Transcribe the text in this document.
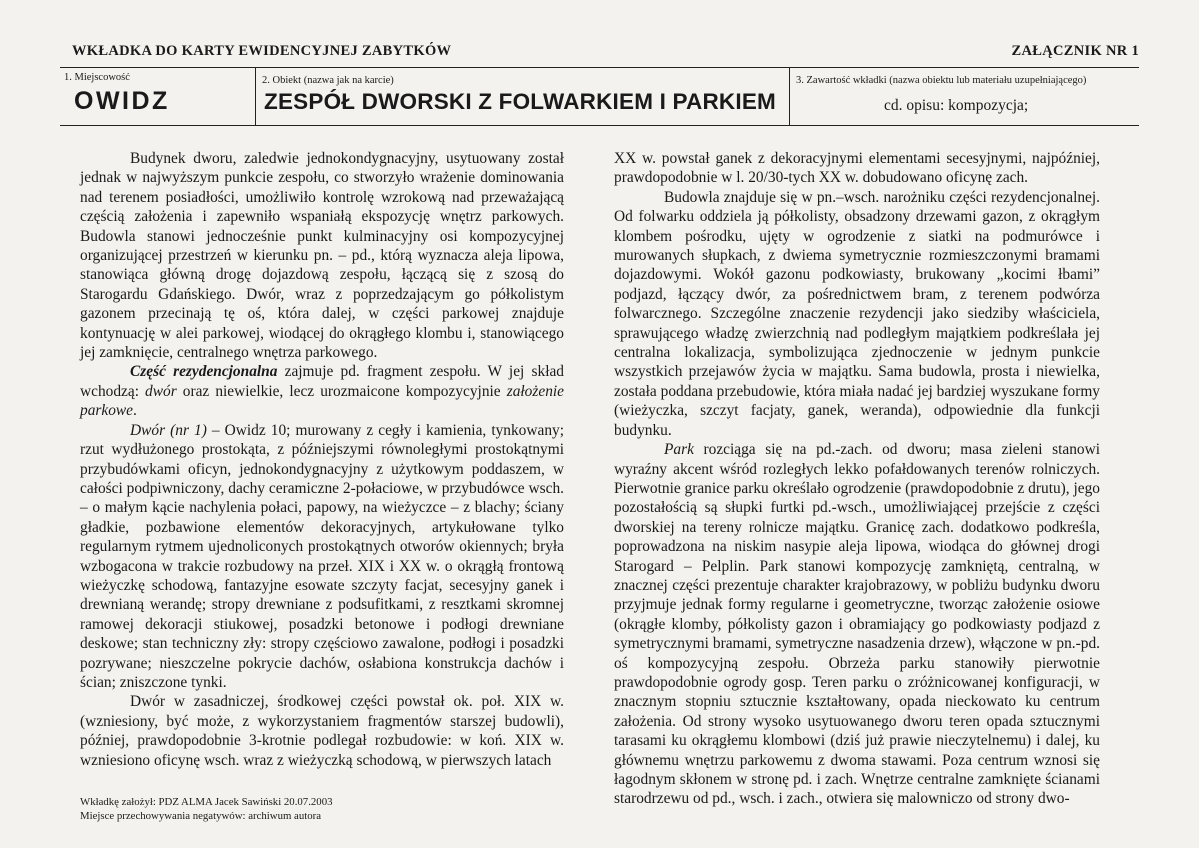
WKŁADKA DO KARTY EWIDENCYJNEJ ZABYTKÓW	ZAŁĄCZNIK NR 1
1. Miejscowość
OWIDZ
2. Obiekt (nazwa jak na karcie)
ZESPÓŁ DWORSKI Z FOLWARKIEM I PARKIEM
3. Zawartość wkładki (nazwa obiektu lub materiału uzupełniającego)
cd. opisu: kompozycja;

Budynek dworu, zaledwie jednokondygnacyjny, usytuowany został jednak w najwyższym punkcie zespołu, co stworzyło wrażenie dominowania nad terenem posiadłości, umożliwiło kontrolę wzrokową nad przeważającą częścią założenia i zapewniło wspaniałą ekspozycję wnętrz parkowych. Budowla stanowi jednocześnie punkt kulminacyjny osi kompozycyjnej organizującej przestrzeń w kierunku pn. – pd., którą wyznacza aleja lipowa, stanowiąca główną drogę dojazdową zespołu, łączącą się z szosą do Starogardu Gdańskiego. Dwór, wraz z poprzedzającym go półkolistym gazonem przecinają tę oś, która dalej, w części parkowej znajduje kontynuację w alei parkowej, wiodącej do okrągłego klombu i, stanowiącego jej zamknięcie, centralnego wnętrza parkowego.

Część rezydencjonalna zajmuje pd. fragment zespołu. W jej skład wchodzą: dwór oraz niewielkie, lecz urozmaicone kompozycyjnie założenie parkowe.

Dwór (nr 1) – Owidz 10; murowany z cegły i kamienia, tynkowany; rzut wydłużonego prostokąta, z późniejszymi równoległymi prostokątnymi przybudówkami oficyn, jednokondygnacyjny z użytkowym poddaszem, w całości podpiwniczony, dachy ceramiczne 2-połaciowe, w przybudówce wsch. – o małym kącie nachylenia połaci, papowy, na wieżyczce – z blachy; ściany gładkie, pozbawione elementów dekoracyjnych, artykułowane tylko regularnym rytmem ujednoliconych prostokątnych otworów okiennych; bryła wzbogacona w trakcie rozbudowy na przeł. XIX i XX w. o okrągłą frontową wieżyczkę schodową, fantazyjne esowate szczyty facjat, secesyjny ganek i drewnianą werandę; stropy drewniane z podsufitkami, z resztkami skromnej ramowej dekoracji stiukowej, posadzki betonowe i podłogi drewniane deskowe; stan techniczny zły: stropy częściowo zawalone, podłogi i posadzki pozrywane; nieszczelne pokrycie dachów, osłabiona konstrukcja dachów i ścian; zniszczone tynki.

Dwór w zasadniczej, środkowej części powstał ok. poł. XIX w. (wzniesiony, być może, z wykorzystaniem fragmentów starszej budowli), później, prawdopodobnie 3-krotnie podlegał rozbudowie: w koń. XIX w. wzniesiono oficynę wsch. wraz z wieżyczką schodową, w pierwszych latach

XX w. powstał ganek z dekoracyjnymi elementami secesyjnymi, najpóźniej, prawdopodobnie w l. 20/30-tych XX w. dobudowano oficynę zach.

Budowla znajduje się w pn.–wsch. narożniku części rezydencjonalnej. Od folwarku oddziela ją półkolisty, obsadzony drzewami gazon, z okrągłym klombem pośrodku, ujęty w ogrodzenie z siatki na podmurówce i murowanych słupkach, z dwiema symetrycznie rozmieszczonymi bramami dojazdowymi. Wokół gazonu podkowiasty, brukowany „kocimi łbami” podjazd, łączący dwór, za pośrednictwem bram, z terenem podwórza folwarcznego. Szczególne znaczenie rezydencji jako siedziby właściciela, sprawującego władzę zwierzchnią nad podległym majątkiem podkreślała jej centralna lokalizacja, symbolizująca zjednoczenie w jednym punkcie wszystkich przejawów życia w majątku. Sama budowla, prosta i niewielka, została poddana przebudowie, która miała nadać jej bardziej wyszukane formy (wieżyczka, szczyt facjaty, ganek, weranda), odpowiednie dla funkcji budynku.

Park rozciąga się na pd.-zach. od dworu; masa zieleni stanowi wyraźny akcent wśród rozległych lekko pofałdowanych terenów rolniczych. Pierwotnie granice parku określało ogrodzenie (prawdopodobnie z drutu), jego pozostałością są słupki furtki pd.-wsch., umożliwiającej przejście z części dworskiej na tereny rolnicze majątku. Granicę zach. dodatkowo podkreśla, poprowadzona na niskim nasypie aleja lipowa, wiodąca do głównej drogi Starogard – Pelplin. Park stanowi kompozycję zamkniętą, centralną, w znacznej części prezentuje charakter krajobrazowy, w pobliżu budynku dworu przyjmuje jednak formy regularne i geometryczne, tworząc założenie osiowe (okrągłe klomby, półkolisty gazon i obramiający go podkowiasty podjazd z symetrycznymi bramami, symetryczne nasadzenia drzew), włączone w pn.-pd. oś kompozycyjną zespołu. Obrzeża parku stanowiły pierwotnie prawdopodobnie ogrody gosp. Teren parku o zróżnicowanej konfiguracji, w znacznym stopniu sztucznie kształtowany, opada nieckowato ku centrum założenia. Od strony wysoko usytuowanego dworu teren opada sztucznymi tarasami ku okrągłemu klombowi (dziś już prawie nieczytelnemu) i dalej, ku głównemu wnętrzu parkowemu z dwoma stawami. Poza centrum wznosi się łagodnym skłonem w stronę pd. i zach. Wnętrze centralne zamknięte ścianami starodrzewu od pd., wsch. i zach., otwiera się malowniczo od strony dwo-

Wkładkę założył: PDZ ALMA Jacek Sawiński 20.07.2003
Miejsce przechowywania negatywów: archiwum autora
